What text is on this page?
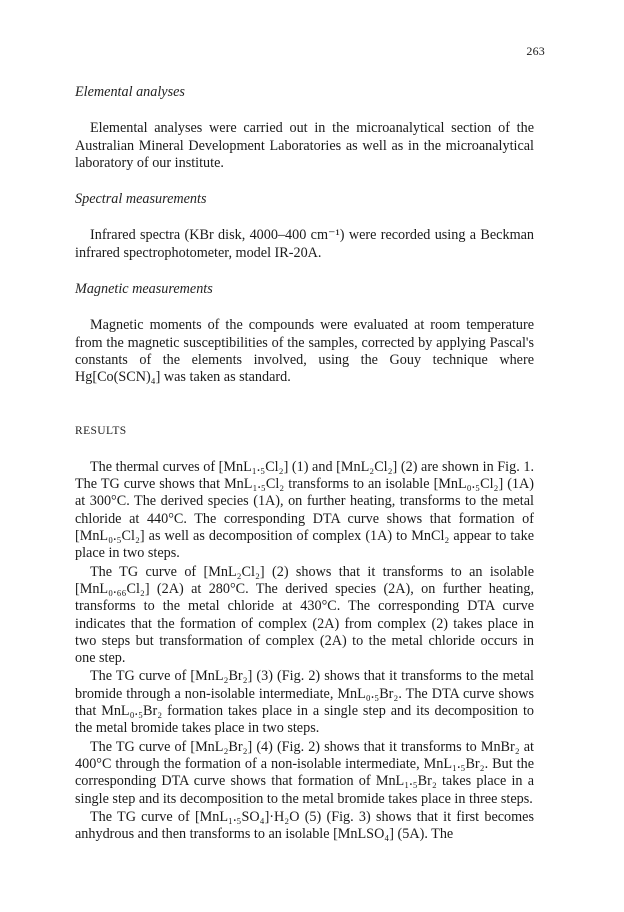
263
Elemental analyses

Elemental analyses were carried out in the microanalytical section of the Australian Mineral Development Laboratories as well as in the microanalytical laboratory of our institute.

Spectral measurements

Infrared spectra (KBr disk, 4000–400 cm⁻¹) were recorded using a Beckman infrared spectrophotometer, model IR-20A.

Magnetic measurements

Magnetic moments of the compounds were evaluated at room temperature from the magnetic susceptibilities of the samples, corrected by applying Pascal's constants of the elements involved, using the Gouy technique where Hg[Co(SCN)₄] was taken as standard.

RESULTS

The thermal curves of [MnL₁.₅Cl₂] (1) and [MnL₂Cl₂] (2) are shown in Fig. 1. The TG curve shows that MnL₁.₅Cl₂ transforms to an isolable [MnL₀.₅Cl₂] (1A) at 300°C. The derived species (1A), on further heating, transforms to the metal chloride at 440°C. The corresponding DTA curve shows that formation of [MnL₀.₅Cl₂] as well as decomposition of complex (1A) to MnCl₂ appear to take place in two steps.

The TG curve of [MnL₂Cl₂] (2) shows that it transforms to an isolable [MnL₀.₆₆Cl₂] (2A) at 280°C. The derived species (2A), on further heating, transforms to the metal chloride at 430°C. The corresponding DTA curve indicates that the formation of complex (2A) from complex (2) takes place in two steps but transformation of complex (2A) to the metal chloride occurs in one step.

The TG curve of [MnL₂Br₂] (3) (Fig. 2) shows that it transforms to the metal bromide through a non-isolable intermediate, MnL₀.₅Br₂. The DTA curve shows that MnL₀.₅Br₂ formation takes place in a single step and its decomposition to the metal bromide takes place in two steps.

The TG curve of [MnL₂Br₂] (4) (Fig. 2) shows that it transforms to MnBr₂ at 400°C through the formation of a non-isolable intermediate, MnL₁.₅Br₂. But the corresponding DTA curve shows that formation of MnL₁.₅Br₂ takes place in a single step and its decomposition to the metal bromide takes place in three steps.

The TG curve of [MnL₁.₅SO₄]·H₂O (5) (Fig. 3) shows that it first becomes anhydrous and then transforms to an isolable [MnLSO₄] (5A). The
